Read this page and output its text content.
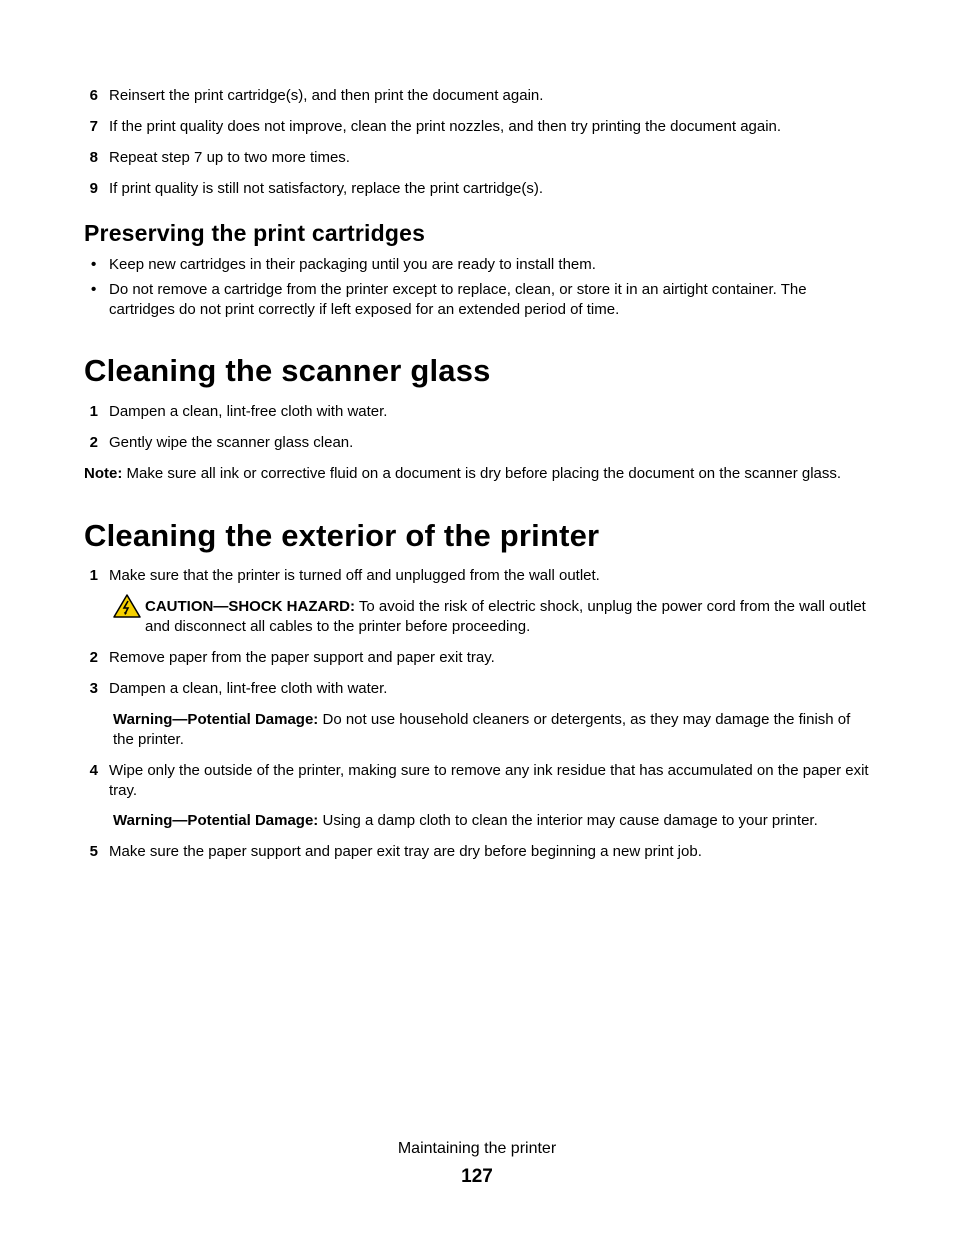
6 Reinsert the print cartridge(s), and then print the document again.
7 If the print quality does not improve, clean the print nozzles, and then try printing the document again.
8 Repeat step 7 up to two more times.
9 If print quality is still not satisfactory, replace the print cartridge(s).
Preserving the print cartridges
• Keep new cartridges in their packaging until you are ready to install them.
• Do not remove a cartridge from the printer except to replace, clean, or store it in an airtight container. The cartridges do not print correctly if left exposed for an extended period of time.
Cleaning the scanner glass
1 Dampen a clean, lint-free cloth with water.
2 Gently wipe the scanner glass clean.
Note: Make sure all ink or corrective fluid on a document is dry before placing the document on the scanner glass.
Cleaning the exterior of the printer
1 Make sure that the printer is turned off and unplugged from the wall outlet.
CAUTION—SHOCK HAZARD: To avoid the risk of electric shock, unplug the power cord from the wall outlet and disconnect all cables to the printer before proceeding.
2 Remove paper from the paper support and paper exit tray.
3 Dampen a clean, lint-free cloth with water.
Warning—Potential Damage: Do not use household cleaners or detergents, as they may damage the finish of the printer.
4 Wipe only the outside of the printer, making sure to remove any ink residue that has accumulated on the paper exit tray.
Warning—Potential Damage: Using a damp cloth to clean the interior may cause damage to your printer.
5 Make sure the paper support and paper exit tray are dry before beginning a new print job.
Maintaining the printer
127
